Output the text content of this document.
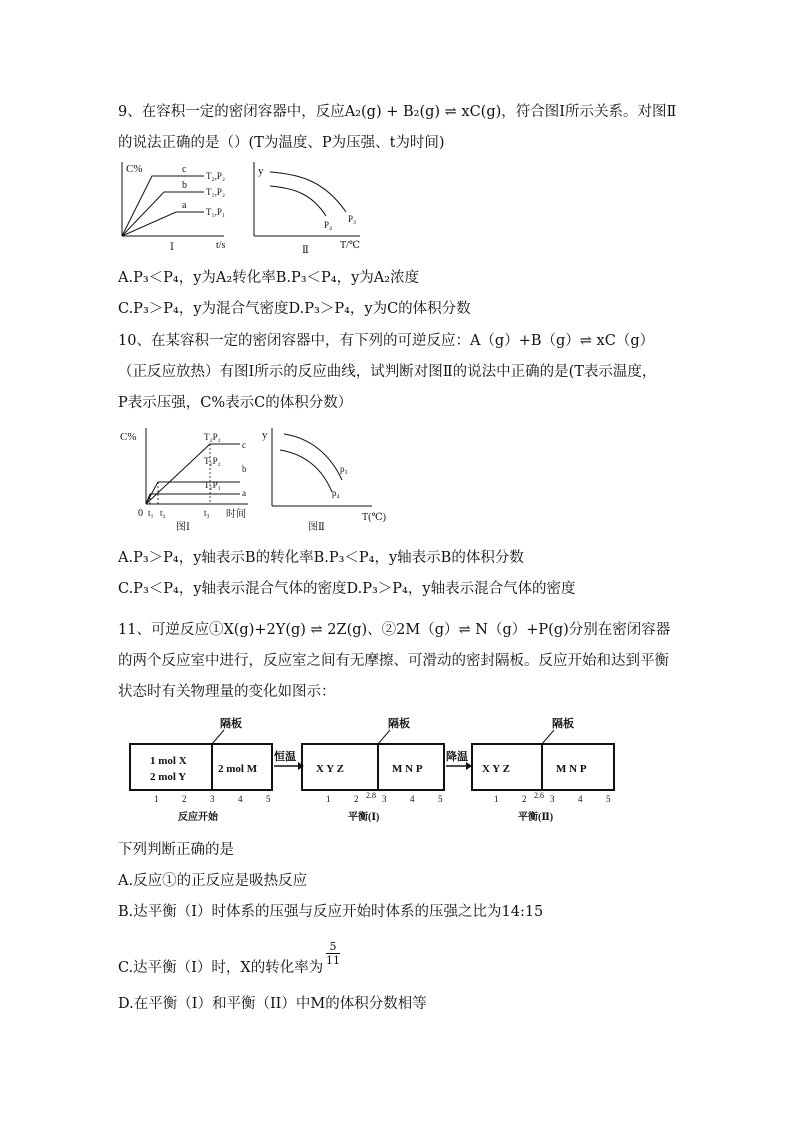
9、在容积一定的密闭容器中，反应A₂(g) + B₂(g) ⇌ xC(g)，符合图Ⅰ所示关系。对图Ⅱ
的说法正确的是（）(T为温度、P为压强、t为时间)
C%	c
b
a
T₂,P₂
T₁,P₂
T₁,P₁
t/s
Ⅰ
y
P₃
P₄
T/℃
Ⅱ
A.P₃＜P₄，y为A₂转化率B.P₃＜P₄，y为A₂浓度
C.P₃＞P₄，y为混合气密度D.P₃＞P₄，y为C的体积分数
10、在某容积一定的密闭容器中，有下列的可逆反应：A（g）+B（g）⇌ xC（g）
（正反应放热）有图Ⅰ所示的反应曲线，试判断对图Ⅱ的说法中正确的是(T表示温度，
P表示压强，C%表示C的体积分数）
C%
0
T₂P₂
T₁P₂
T₁P₁
c
b
a
t₁ t₂	t₃ 时间
图Ⅰ
y
p₃
p₄
T(℃)
图Ⅱ
A.P₃＞P₄，y轴表示B的转化率B.P₃＜P₄，y轴表示B的体积分数
C.P₃＜P₄，y轴表示混合气体的密度D.P₃＞P₄，y轴表示混合气体的密度
11、可逆反应①X(g)+2Y(g) ⇌ 2Z(g)、②2M（g）⇌ N（g）+P(g)分别在密闭容器
的两个反应室中进行，反应室之间有无摩擦、可滑动的密封隔板。反应开始和达到平衡
状态时有关物理量的变化如图示：
隔板
1 mol X
2 mol Y
2 mol M
恒温
隔板
X Y Z	M N P
降温
隔板
X Y Z	M N P
1	2	3	4	5	1	2 2.8 3	4	5	1	2 2.6 3	4	5
反应开始	平衡(Ⅰ)	平衡(Ⅱ)
下列判断正确的是
A.反应①的正反应是吸热反应
B.达平衡（I）时体系的压强与反应开始时体系的压强之比为14:15
C.达平衡（I）时，X的转化率为
$\frac{5}{11}$
D.在平衡（I）和平衡（II）中M的体积分数相等
